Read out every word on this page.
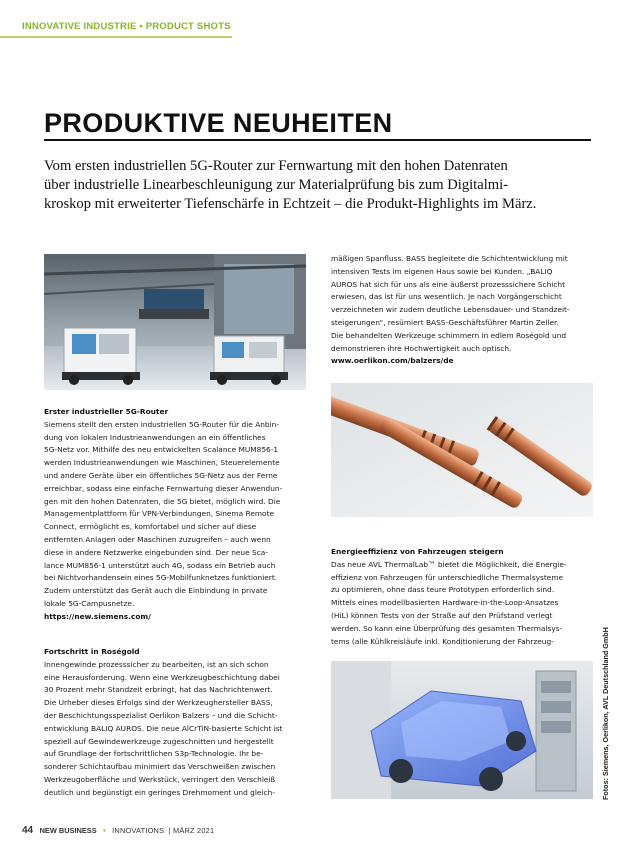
INNOVATIVE INDUSTRIE • PRODUCT SHOTS
PRODUKTIVE NEUHEITEN

Vom ersten industriellen 5G-Router zur Fernwartung mit den hohen Datenraten

über industrielle Linearbeschleunigung zur Materialprüfung bis zum Digitalmi-

kroskop mit erweiterter Tiefenschärfe in Echtzeit – die Produkt-Highlights im März.

Erster industrieller 5G-Router

Siemens stellt den ersten industriellen 5G-Router für die Anbin-

dung von lokalen Industrieanwendungen an ein öffentliches

5G-Netz vor. Mithilfe des neu entwickelten Scalance MUM856-1

werden Industrieanwendungen wie Maschinen, Steuerelemente

und andere Geräte über ein öffentliches 5G-Netz aus der Ferne

erreichbar, sodass eine einfache Fernwartung dieser Anwendun-

gen mit den hohen Datenraten, die 5G bietet, möglich wird. Die

Managementplattform für VPN-Verbindungen, Sinema Remote

Connect, ermöglicht es, komfortabel und sicher auf diese

entfernten Anlagen oder Maschinen zuzugreifen – auch wenn

diese in andere Netzwerke eingebunden sind. Der neue Sca-

lance MUM856-1 unterstützt auch 4G, sodass ein Betrieb auch

bei Nichtvorhandensein eines 5G-Mobilfunknetzes funktioniert.

Zudem unterstützt das Gerät auch die Einbindung in private

lokale 5G-Campusnetze.

https://new.siemens.com/

Fortschritt in Roségold

Innengewinde prozesssicher zu bearbeiten, ist an sich schon

eine Herausforderung. Wenn eine Werkzeugbeschichtung dabei

30 Prozent mehr Standzeit erbringt, hat das Nachrichtenwert.

Die Urheber dieses Erfolgs sind der Werkzeughersteller BASS,

der Beschichtungsspezialist Oerlikon Balzers – und die Schicht-

entwicklung BALIQ AUROS. Die neue AlCrTiN-basierte Schicht ist

speziell auf Gewindewerkzeuge zugeschnitten und hergestellt

auf Grundlage der fortschrittlichen S3p-Technologie. Ihr be-

sonderer Schichtaufbau minimiert das Verschweißen zwischen

Werkzeugoberfläche und Werkstück, verringert den Verschleiß

deutlich und begünstigt ein geringes Drehmoment und gleich-

mäßigen Spanfluss. BASS begleitete die Schichtentwicklung mit

intensiven Tests im eigenen Haus sowie bei Kunden. „BALIQ

AUROS hat sich für uns als eine äußerst prozesssichere Schicht

erwiesen, das ist für uns wesentlich. Je nach Vorgängerschicht

verzeichneten wir zudem deutliche Lebensdauer- und Standzeit-

steigerungen“, resümiert BASS-Geschäftsführer Martin Zeller.

Die behandelten Werkzeuge schimmern in edlem Roségold und

demonstrieren ihre Hochwertigkeit auch optisch.

www.oerlikon.com/balzers/de

Energieeffizienz von Fahrzeugen steigern

Das neue AVL ThermalLab™ bietet die Möglichkeit, die Energie-

effizienz von Fahrzeugen für unterschiedliche Thermalsysteme

zu optimieren, ohne dass teure Prototypen erforderlich sind.

Mittels eines modellbasierten Hardware-in-the-Loop-Ansatzes

(HiL) können Tests von der Straße auf den Prüfstand verlegt

werden. So kann eine Überprüfung des gesamten Thermalsys-

tems (alle Kühlkreisläufe inkl. Konditionierung der Fahrzeug-	Fotos: Siemens, Oerlikon, AVL Deutschland GmbH
44 NEW BUSINESS • INNOVATIONS | MÄRZ 2021
